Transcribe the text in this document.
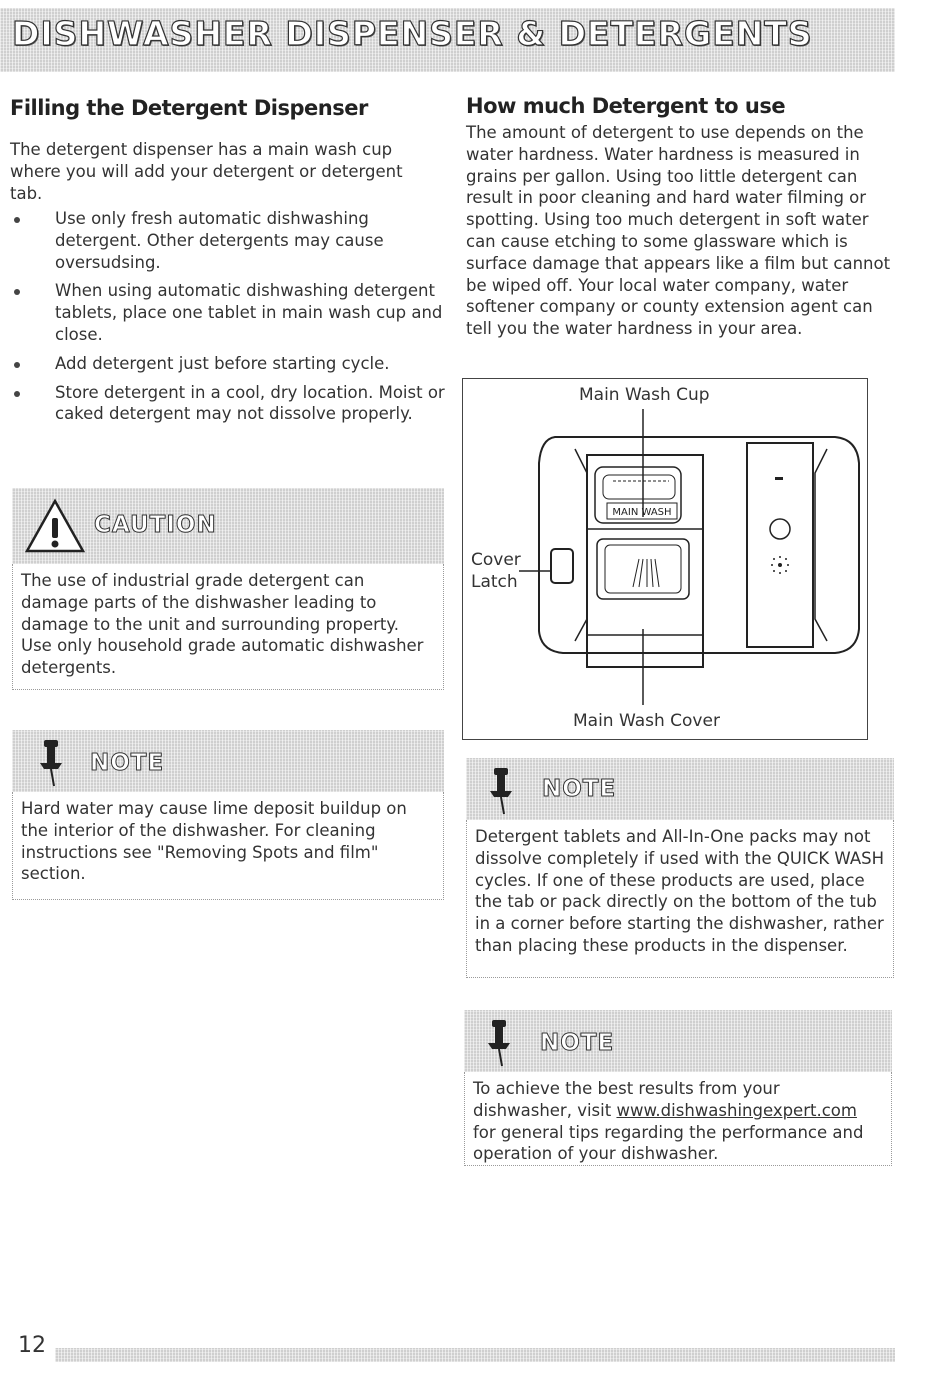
DISHWASHER DISPENSER & DETERGENTS
Filling the Detergent Dispenser
The detergent dispenser has a main wash cup where you will add your detergent or detergent tab.
Use only fresh automatic dishwashing detergent. Other detergents may cause oversudsing.
When using automatic dishwashing detergent tablets, place one tablet in main wash cup and close.
Add detergent just before starting cycle.
Store detergent in a cool, dry location. Moist or caked detergent may not dissolve properly.
How much Detergent to use
The amount of detergent to use depends on the water hardness. Water hardness is measured in grains per gallon. Using too little detergent can result in poor cleaning and hard water filming or spotting. Using too much detergent in soft water can cause etching to some glassware which is surface damage that appears like a film but cannot be wiped off. Your local water company, water softener company or county extension agent can tell you the water hardness in your area.
CAUTION
The use of industrial grade detergent can damage parts of the dishwasher leading to damage to the unit and surrounding property. Use only household grade automatic dishwasher detergents.
NOTE
Hard water may cause lime deposit buildup on the interior of the dishwasher. For cleaning instructions see "Removing Spots and film" section.
Main Wash Cup
Cover
Latch
Main Wash Cover
MAIN WASH
NOTE
Detergent tablets and All-In-One packs may not dissolve completely if used with the QUICK WASH cycles. If one of these products are used, place the tab or pack directly on the bottom of the tub in a corner before starting the dishwasher, rather than placing these products in the dispenser.
NOTE
To achieve the best results from your dishwasher, visit www.dishwashingexpert.com for general tips regarding the performance and operation of your dishwasher.
12
